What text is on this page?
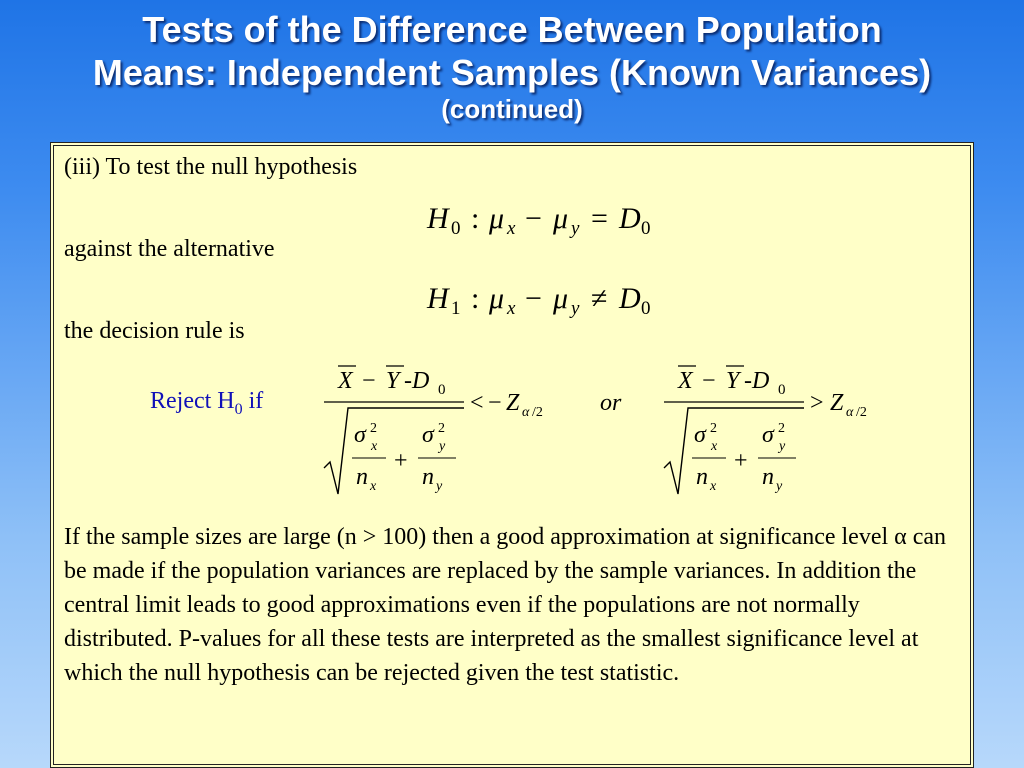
Tests of the Difference Between Population
Means: Independent Samples (Known Variances)
(continued)
(iii) To test the null hypothesis
H 0 : μ x − μ y = D 0
against the alternative
H 1 : μ x − μ y ≠ D 0
the decision rule is
Reject $H_0$ if
X − Y -D 0
σ 2
x
n x
+
σ 2
y
n y
< − Z α /2 or
X − Y -D 0
σ 2
x
n x
+
σ 2
y
n y
> Z α /2
If the sample sizes are large (n > 100) then a good approximation at significance level α can be made if the population variances are replaced by the sample variances. In addition the central limit leads to good approximations even if the populations are not normally distributed. P-values for all these tests are interpreted as the smallest significance level at which the null hypothesis can be rejected given the test statistic.
